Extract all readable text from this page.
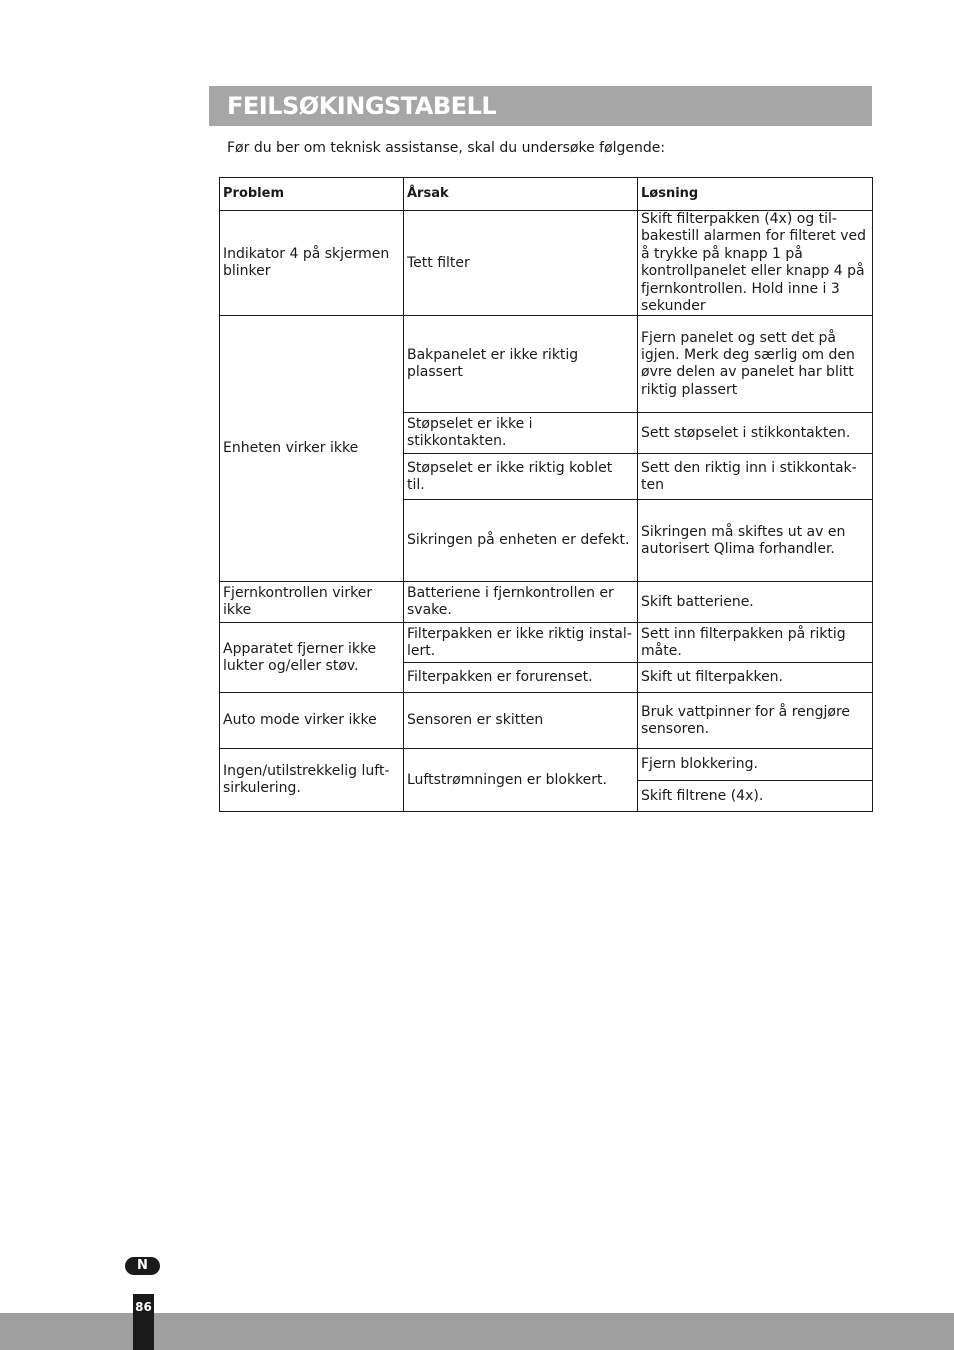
FEILSØKINGSTABELL

Før du ber om teknisk assistanse, skal du undersøke følgende:

Problem	Årsak	Løsning
Indikator 4 på skjermen blinker	Tett filter	Skift filterpakken (4x) og til-bakestill alarmen for filteret ved å trykke på knapp 1 på kontrollpanelet eller knapp 4 på fjernkontrollen. Hold inne i 3 sekunder
Enheten virker ikke	Bakpanelet er ikke riktig plassert	Fjern panelet og sett det på igjen. Merk deg særlig om den øvre delen av panelet har blitt riktig plassert
	Støpselet er ikke i stikkontakten.	Sett støpselet i stikkontakten.
	Støpselet er ikke riktig koblet til.	Sett den riktig inn i stikkontak-ten
	Sikringen på enheten er defekt.	Sikringen må skiftes ut av en autorisert Qlima forhandler.
Fjernkontrollen virker ikke	Batteriene i fjernkontrollen er svake.	Skift batteriene.
Apparatet fjerner ikke lukter og/eller støv.	Filterpakken er ikke riktig instal-lert.	Sett inn filterpakken på riktig måte.
	Filterpakken er forurenset.	Skift ut filterpakken.
Auto mode virker ikke	Sensoren er skitten	Bruk vattpinner for å rengjøre sensoren.
Ingen/utilstrekkelig luft-sirkulering.	Luftstrømningen er blokkert.	Fjern blokkering.
		Skift filtrene (4x).
N
86
